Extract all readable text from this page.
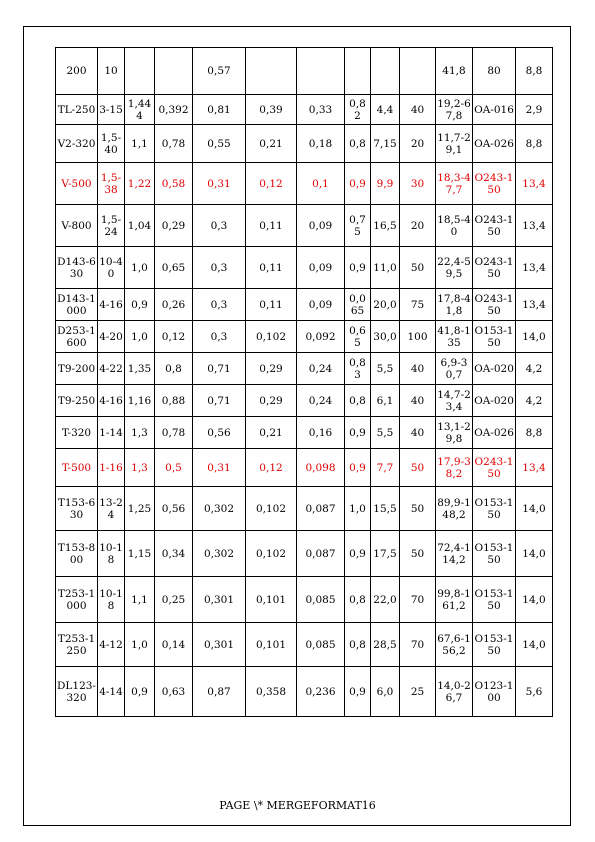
200	10			0,57						41,8	80	8,8
TL-250	3-15	1,444	0,392	0,81	0,39	0,33	0,82	4,4	40	19,2-67,8	OA-016	2,9
V2-320	1,5-40	1,1	0,78	0,55	0,21	0,18	0,8	7,15	20	11,7-29,1	OA-026	8,8
V-500	1,5-38	1,22	0,58	0,31	0,12	0,1	0,9	9,9	30	18,3-47,7	O243-150	13,4
V-800	1,5-24	1,04	0,29	0,3	0,11	0,09	0,75	16,5	20	18,5-40	O243-150	13,4
D143-630	10-40	1,0	0,65	0,3	0,11	0,09	0,9	11,0	50	22,4-59,5	O243-150	13,4
D143-1000	4-16	0,9	0,26	0,3	0,11	0,09	0,065	20,0	75	17,8-41,8	O243-150	13,4
D253-1600	4-20	1,0	0,12	0,3	0,102	0,092	0,65	30,0	100	41,8-135	O153-150	14,0
T9-200	4-22	1,35	0,8	0,71	0,29	0,24	0,83	5,5	40	6,9-30,7	OA-020	4,2
T9-250	4-16	1,16	0,88	0,71	0,29	0,24	0,8	6,1	40	14,7-23,4	OA-020	4,2
T-320	1-14	1,3	0,78	0,56	0,21	0,16	0,9	5,5	40	13,1-29,8	OA-026	8,8
T-500	1-16	1,3	0,5	0,31	0,12	0,098	0,9	7,7	50	17,9-38,2	O243-150	13,4
T153-630	13-24	1,25	0,56	0,302	0,102	0,087	1,0	15,5	50	89,9-148,2	O153-150	14,0
T153-800	10-18	1,15	0,34	0,302	0,102	0,087	0,9	17,5	50	72,4-114,2	O153-150	14,0
T253-1000	10-18	1,1	0,25	0,301	0,101	0,085	0,8	22,0	70	99,8-161,2	O153-150	14,0
T253-1250	4-12	1,0	0,14	0,301	0,101	0,085	0,8	28,5	70	67,6-156,2	O153-150	14,0
DL123-320	4-14	0,9	0,63	0,87	0,358	0,236	0,9	6,0	25	14,0-26,7	O123-100	5,6
PAGE \* MERGEFORMAT16
